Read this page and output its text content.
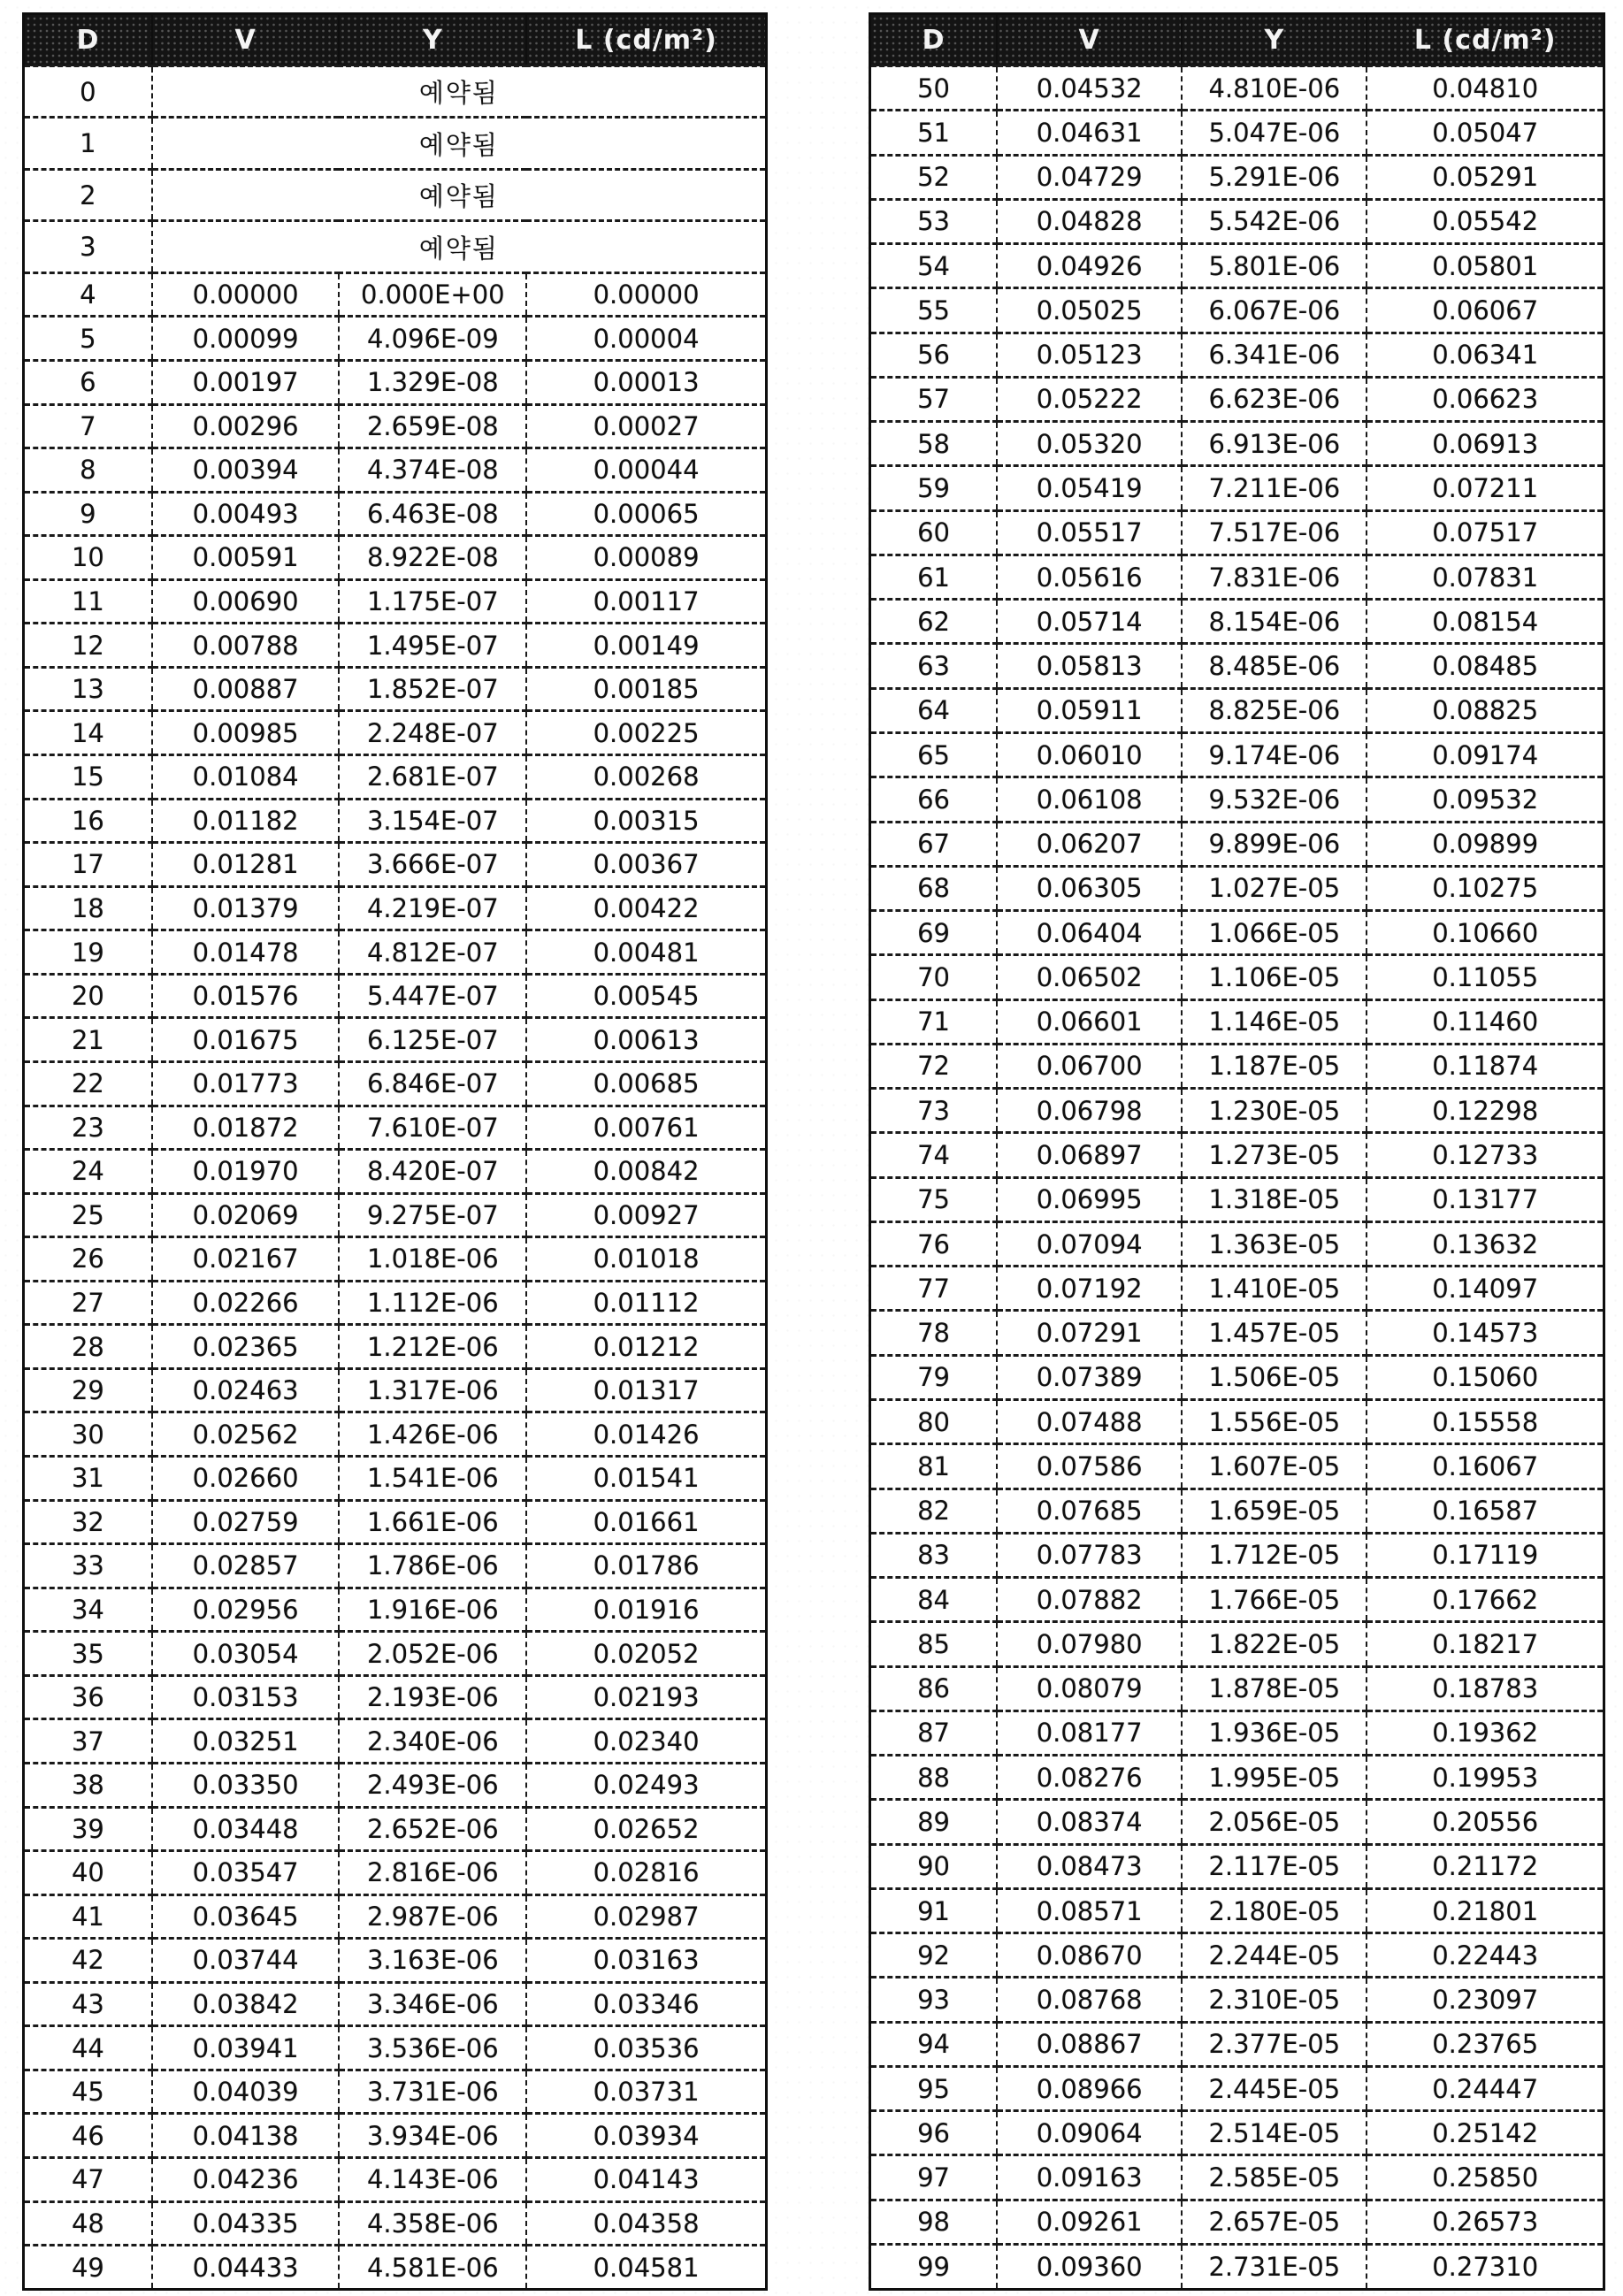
D	V	Y	L (cd/m²)
0	예약됨		
1	예약됨		
2	예약됨		
3	예약됨		
4	0.00000	0.000E+00	0.00000
5	0.00099	4.096E-09	0.00004
6	0.00197	1.329E-08	0.00013
7	0.00296	2.659E-08	0.00027
8	0.00394	4.374E-08	0.00044
9	0.00493	6.463E-08	0.00065
10	0.00591	8.922E-08	0.00089
11	0.00690	1.175E-07	0.00117
12	0.00788	1.495E-07	0.00149
13	0.00887	1.852E-07	0.00185
14	0.00985	2.248E-07	0.00225
15	0.01084	2.681E-07	0.00268
16	0.01182	3.154E-07	0.00315
17	0.01281	3.666E-07	0.00367
18	0.01379	4.219E-07	0.00422
19	0.01478	4.812E-07	0.00481
20	0.01576	5.447E-07	0.00545
21	0.01675	6.125E-07	0.00613
22	0.01773	6.846E-07	0.00685
23	0.01872	7.610E-07	0.00761
24	0.01970	8.420E-07	0.00842
25	0.02069	9.275E-07	0.00927
26	0.02167	1.018E-06	0.01018
27	0.02266	1.112E-06	0.01112
28	0.02365	1.212E-06	0.01212
29	0.02463	1.317E-06	0.01317
30	0.02562	1.426E-06	0.01426
31	0.02660	1.541E-06	0.01541
32	0.02759	1.661E-06	0.01661
33	0.02857	1.786E-06	0.01786
34	0.02956	1.916E-06	0.01916
35	0.03054	2.052E-06	0.02052
36	0.03153	2.193E-06	0.02193
37	0.03251	2.340E-06	0.02340
38	0.03350	2.493E-06	0.02493
39	0.03448	2.652E-06	0.02652
40	0.03547	2.816E-06	0.02816
41	0.03645	2.987E-06	0.02987
42	0.03744	3.163E-06	0.03163
43	0.03842	3.346E-06	0.03346
44	0.03941	3.536E-06	0.03536
45	0.04039	3.731E-06	0.03731
46	0.04138	3.934E-06	0.03934
47	0.04236	4.143E-06	0.04143
48	0.04335	4.358E-06	0.04358
49	0.04433	4.581E-06	0.04581
D	V	Y	L (cd/m²)
50	0.04532	4.810E-06	0.04810
51	0.04631	5.047E-06	0.05047
52	0.04729	5.291E-06	0.05291
53	0.04828	5.542E-06	0.05542
54	0.04926	5.801E-06	0.05801
55	0.05025	6.067E-06	0.06067
56	0.05123	6.341E-06	0.06341
57	0.05222	6.623E-06	0.06623
58	0.05320	6.913E-06	0.06913
59	0.05419	7.211E-06	0.07211
60	0.05517	7.517E-06	0.07517
61	0.05616	7.831E-06	0.07831
62	0.05714	8.154E-06	0.08154
63	0.05813	8.485E-06	0.08485
64	0.05911	8.825E-06	0.08825
65	0.06010	9.174E-06	0.09174
66	0.06108	9.532E-06	0.09532
67	0.06207	9.899E-06	0.09899
68	0.06305	1.027E-05	0.10275
69	0.06404	1.066E-05	0.10660
70	0.06502	1.106E-05	0.11055
71	0.06601	1.146E-05	0.11460
72	0.06700	1.187E-05	0.11874
73	0.06798	1.230E-05	0.12298
74	0.06897	1.273E-05	0.12733
75	0.06995	1.318E-05	0.13177
76	0.07094	1.363E-05	0.13632
77	0.07192	1.410E-05	0.14097
78	0.07291	1.457E-05	0.14573
79	0.07389	1.506E-05	0.15060
80	0.07488	1.556E-05	0.15558
81	0.07586	1.607E-05	0.16067
82	0.07685	1.659E-05	0.16587
83	0.07783	1.712E-05	0.17119
84	0.07882	1.766E-05	0.17662
85	0.07980	1.822E-05	0.18217
86	0.08079	1.878E-05	0.18783
87	0.08177	1.936E-05	0.19362
88	0.08276	1.995E-05	0.19953
89	0.08374	2.056E-05	0.20556
90	0.08473	2.117E-05	0.21172
91	0.08571	2.180E-05	0.21801
92	0.08670	2.244E-05	0.22443
93	0.08768	2.310E-05	0.23097
94	0.08867	2.377E-05	0.23765
95	0.08966	2.445E-05	0.24447
96	0.09064	2.514E-05	0.25142
97	0.09163	2.585E-05	0.25850
98	0.09261	2.657E-05	0.26573
99	0.09360	2.731E-05	0.27310
